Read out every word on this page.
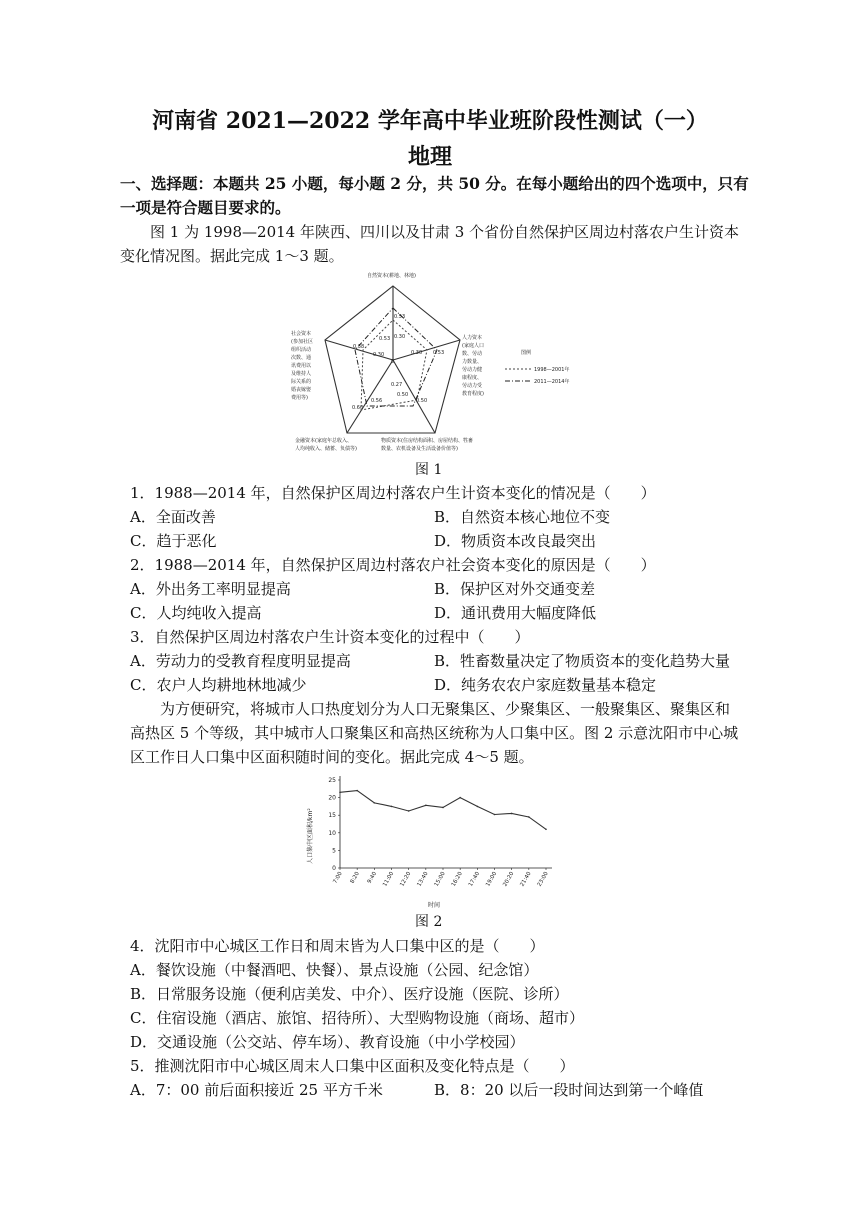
河南省 2021—2022 学年高中毕业班阶段性测试（一）
地理
一、选择题：本题共 25 小题，每小题 2 分，共 50 分。在每小题给出的四个选项中，只有
一项是符合题目要求的。
图 1 为 1998—2014 年陕西、四川以及甘肃 3 个省份自然保护区周边村落农户生计资本
变化情况图。据此完成 1～3 题。
0.53
0.30
0.53
0.30
0.38
0.30
0.53
0.27
0.56
0.60
0.50
0
0.50
自然资本(耕地、林地)
人力资本
(家庭人口
数、劳动
力数量、
劳动力健
康程度、
劳动力受
教育程度)
社会资本
(参加社区
组织活动
次数、通
讯费用以
及维持人
际关系的
婚丧嫁娶
费用等)
金融资本(家庭年总收入、
人均纯收入、储蓄、负债等)
物质资本(住房结构面积、房屋结构、牲畜
数量、农机设备及生活设备价值等)
图例
1998—2001年
2011—2014年
图 1
1．1988—2014 年，自然保护区周边村落农户生计资本变化的情况是（　　）
A．全面改善	B．自然资本核心地位不变
C．趋于恶化	D．物质资本改良最突出
2．1988—2014 年，自然保护区周边村落农户社会资本变化的原因是（　　）
A．外出务工率明显提高	B．保护区对外交通变差
C．人均纯收入提高	D．通讯费用大幅度降低
3．自然保护区周边村落农户生计资本变化的过程中（　　）
A．劳动力的受教育程度明显提高	B．牲畜数量决定了物质资本的变化趋势大量
C．农户人均耕地林地减少	D．纯务农农户家庭数量基本稳定
为方便研究，将城市人口热度划分为人口无聚集区、少聚集区、一般聚集区、聚集区和
高热区 5 个等级，其中城市人口聚集区和高热区统称为人口集中区。图 2 示意沈阳市中心城
区工作日人口集中区面积随时间的变化。据此完成 4～5 题。
0
5
10
15
20
25
7:00 8:20 9:40 11:00 12:20 13:40 15:00 16:20 17:40 19:00 20:20 21:40 23:00
人口集中区面积/km²
时间
图 2
4．沈阳市中心城区工作日和周末皆为人口集中区的是（　　）
A．餐饮设施（中餐酒吧、快餐）、景点设施（公园、纪念馆）
B．日常服务设施（便利店美发、中介）、医疗设施（医院、诊所）
C．住宿设施（酒店、旅馆、招待所）、大型购物设施（商场、超市）
D．交通设施（公交站、停车场）、教育设施（中小学校园）
5．推测沈阳市中心城区周末人口集中区面积及变化特点是（　　）
A．7：00 前后面积接近 25 平方千米	B．8：20 以后一段时间达到第一个峰值
